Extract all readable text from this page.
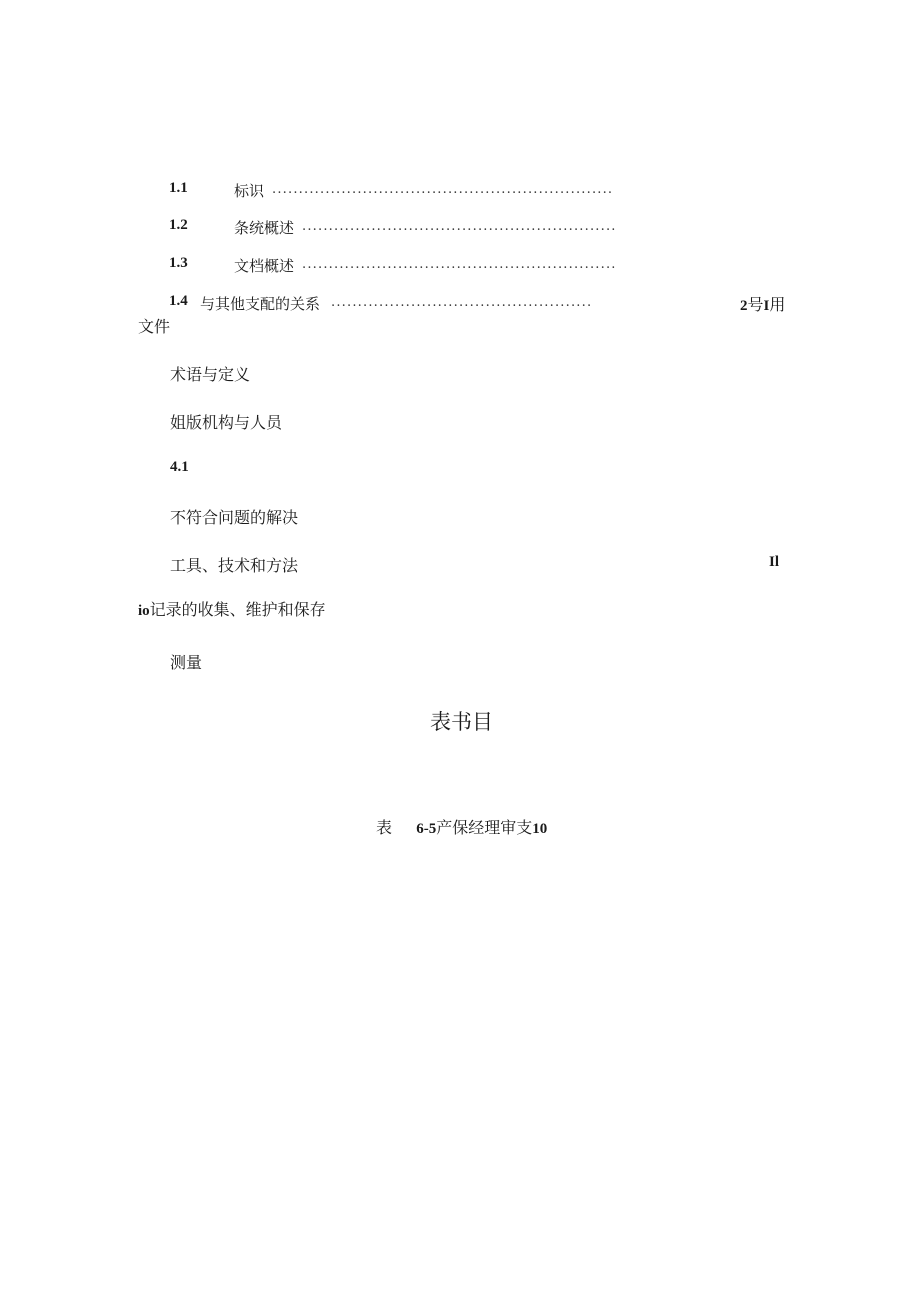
1.1	标识 ................................................................
1.2	条统概述 ...........................................................
1.3	文档概述 ...........................................................
1.4 与其他支配的关系 .................................................	2号I用
文件
术语与定义
姐版机构与人员
4.1
不符合问题的解决
工具、技术和方法	Il
io记录的收集、维护和保存
测量
表书目
表 6-5产保经理审支10
